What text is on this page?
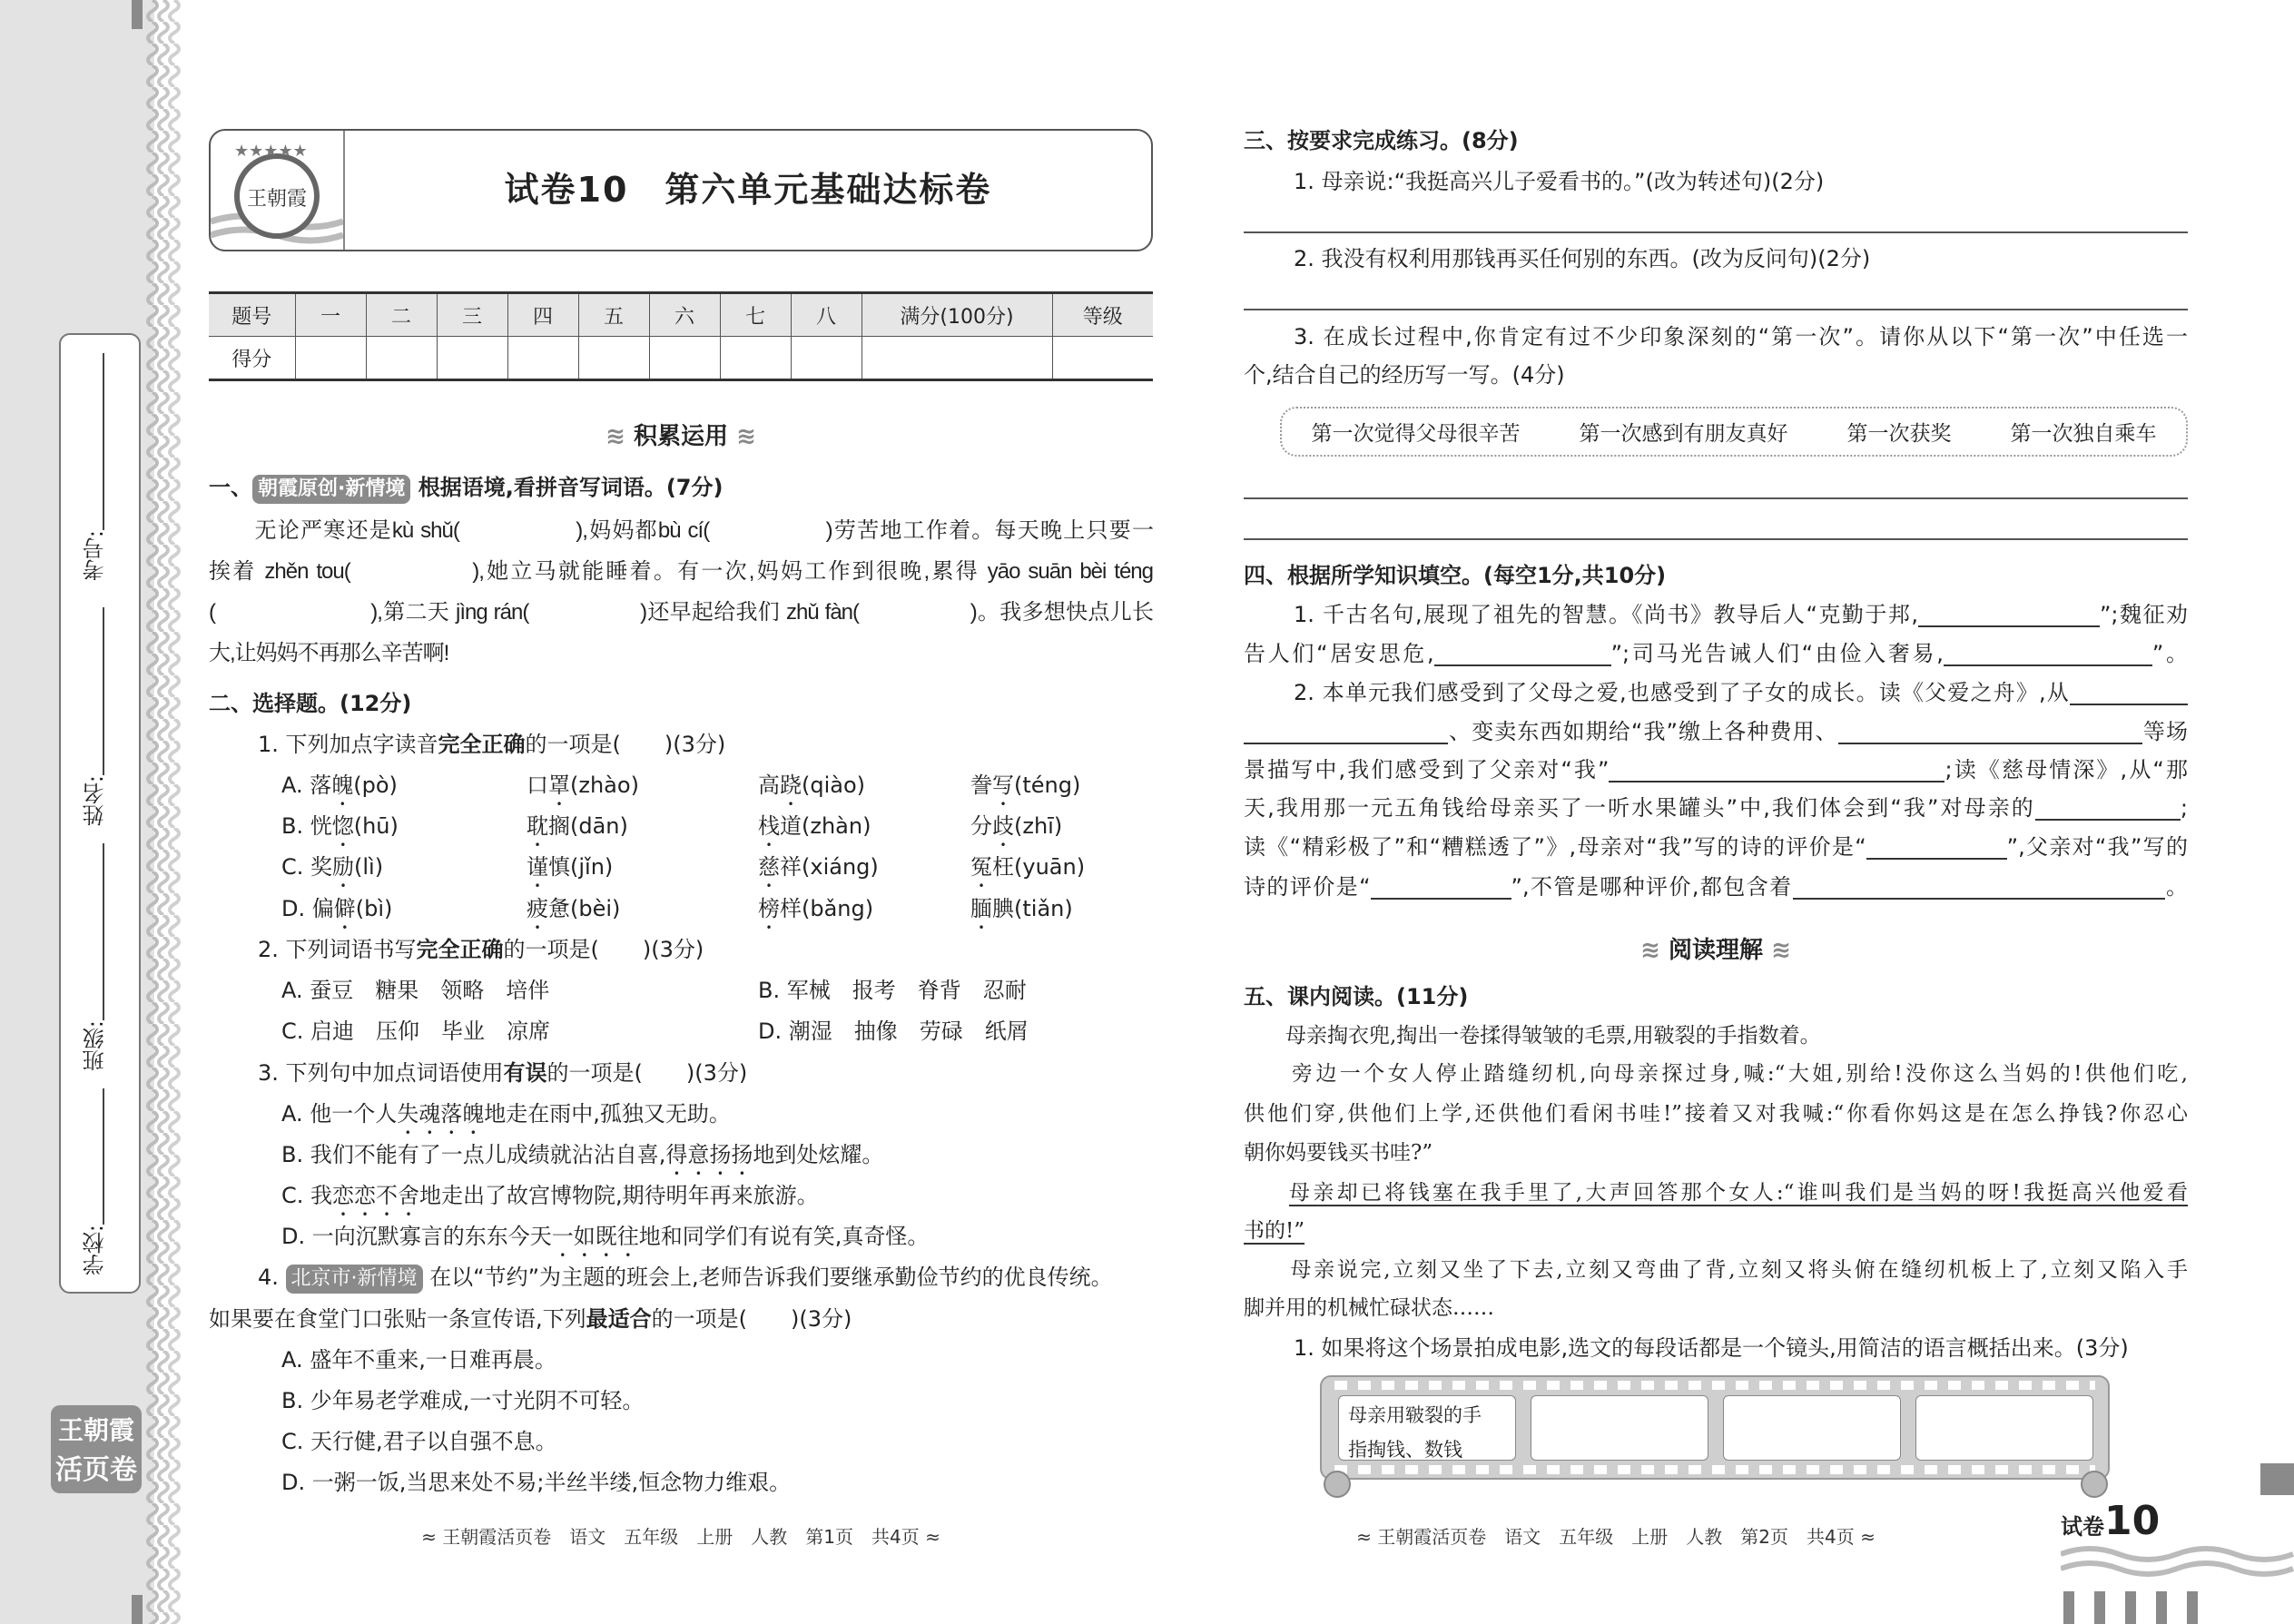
考号:
姓名:
班级:
学校:
王朝霞
活页卷
★★★★★
王朝霞	试卷10　第六单元基础达标卷
题号	一	二	三	四	五	六	七	八	满分(100分)	等级
得分										
≋ 积累运用 ≋
一、 朝霞原创·新情境 根据语境,看拼音写词语。(7分)
　　无论严寒还是kù shǔ(　　　　　),妈妈都bù cí(　　　　　)劳苦地工作着。每天晚上只要一
挨着 zhěn tou(　　　　　),她立马就能睡着。有一次,妈妈工作到很晚,累得 yāo suān bèi téng
(　　　　　　　),第二天 jìng rán(　　　　　)还早起给我们 zhǔ fàn(　　　　　)。我多想快点儿长
大,让妈妈不再那么辛苦啊!
二、选择题。(12分)
1. 下列加点字读音完全正确的一项是(　　)(3分)
A. 落魄(pò)	口罩(zhào)	高跷(qiào)	誊写(téng)
B. 恍惚(hū)	耽搁(dān)	栈道(zhàn)	分歧(zhī)
C. 奖励(lì)	谨慎(jǐn)	慈祥(xiáng)	冤枉(yuān)
D. 偏僻(bì)	疲惫(bèi)	榜样(bǎng)	腼腆(tiǎn)
2. 下列词语书写完全正确的一项是(　　)(3分)
A. 蚕豆　糖果　领略　培伴	B. 军械　报考　脊背　忍耐
C. 启迪　压仰　毕业　凉席	D. 潮湿　抽像　劳碌　纸屑
3. 下列句中加点词语使用有误的一项是(　　)(3分)
A. 他一个人失魂落魄地走在雨中,孤独又无助。
B. 我们不能有了一点儿成绩就沾沾自喜,得意扬扬地到处炫耀。
C. 我恋恋不舍地走出了故宫博物院,期待明年再来旅游。
D. 一向沉默寡言的东东今天一如既往地和同学们有说有笑,真奇怪。
4. 北京市·新情境 在以“节约”为主题的班会上,老师告诉我们要继承勤俭节约的优良传统。
如果要在食堂门口张贴一条宣传语,下列最适合的一项是(　　)(3分)
A. 盛年不重来,一日难再晨。
B. 少年易老学难成,一寸光阴不可轻。
C. 天行健,君子以自强不息。
D. 一粥一饭,当思来处不易;半丝半缕,恒念物力维艰。
≈ 王朝霞活页卷　语文　五年级　上册　人教　第1页　共4页 ≈
三、按要求完成练习。(8分)
1. 母亲说:“我挺高兴儿子爱看书的。”(改为转述句)(2分)
2. 我没有权利用那钱再买任何别的东西。(改为反问句)(2分)
3. 在成长过程中,你肯定有过不少印象深刻的“第一次”。请你从以下“第一次”中任选一
个,结合自己的经历写一写。(4分)
第一次觉得父母很辛苦	第一次感到有朋友真好	第一次获奖	第一次独自乘车
四、根据所学知识填空。(每空1分,共10分)
1. 千古名句,展现了祖先的智慧。《尚书》教导后人“克勤于邦,	”;魏征劝
告人们“居安思危,	”;司马光告诫人们“由俭入奢易,	”。
2. 本单元我们感受到了父母之爱,也感受到了子女的成长。读《父爱之舟》,从
、变卖东西如期给“我”缴上各种费用、	等场
景描写中,我们感受到了父亲对“我”	;读《慈母情深》,从“那
天,我用那一元五角钱给母亲买了一听水果罐头”中,我们体会到“我”对母亲的	;
读《“精彩极了”和“糟糕透了”》,母亲对“我”写的诗的评价是“	”,父亲对“我”写的
诗的评价是“	”,不管是哪种评价,都包含着	。
≋ 阅读理解 ≋
五、课内阅读。(11分)
　　母亲掏衣兜,掏出一卷揉得皱皱的毛票,用皲裂的手指数着。
　　旁边一个女人停止踏缝纫机,向母亲探过身,喊:“大姐,别给!没你这么当妈的!供他们吃,
供他们穿,供他们上学,还供他们看闲书哇!”接着又对我喊:“你看你妈这是在怎么挣钱?你忍心
朝你妈要钱买书哇?”
母亲却已将钱塞在我手里了,大声回答那个女人:“谁叫我们是当妈的呀!我挺高兴他爱看
书的!”
　　母亲说完,立刻又坐了下去,立刻又弯曲了背,立刻又将头俯在缝纫机板上了,立刻又陷入手
脚并用的机械忙碌状态……
1. 如果将这个场景拍成电影,选文的每段话都是一个镜头,用简洁的语言概括出来。(3分)
母亲用皲裂的手
指掏钱、数钱
≈ 王朝霞活页卷　语文　五年级　上册　人教　第2页　共4页 ≈	试卷10
